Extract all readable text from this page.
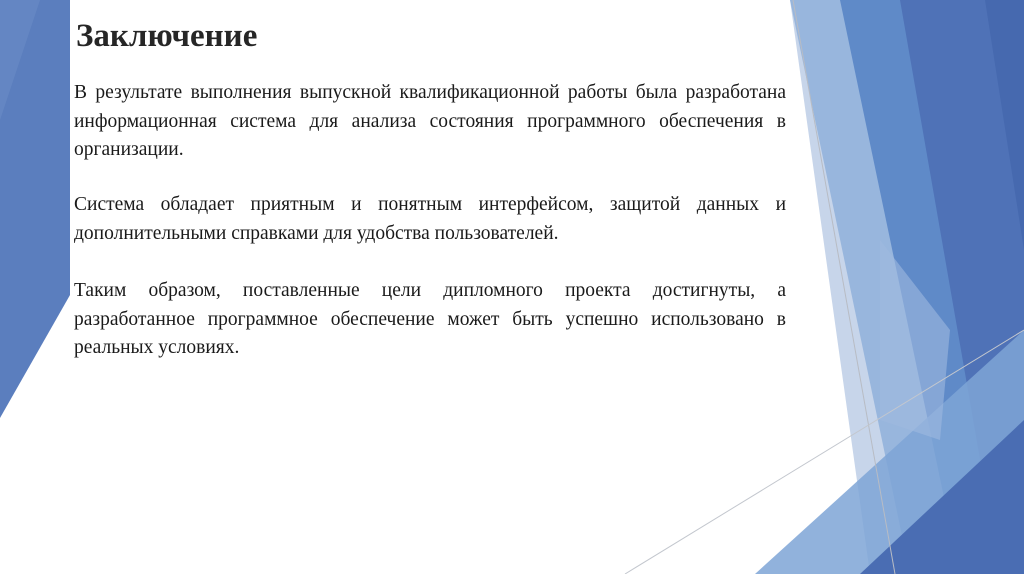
Заключение

В результате выполнения выпускной квалификационной работы была разработана информационная система для анализа состояния программного обеспечения в организации.

Система обладает приятным и понятным интерфейсом, защитой данных и дополнительными справками для удобства пользователей.

Таким образом, поставленные цели дипломного проекта достигнуты, а разработанное программное обеспечение может быть успешно использовано в реальных условиях.
